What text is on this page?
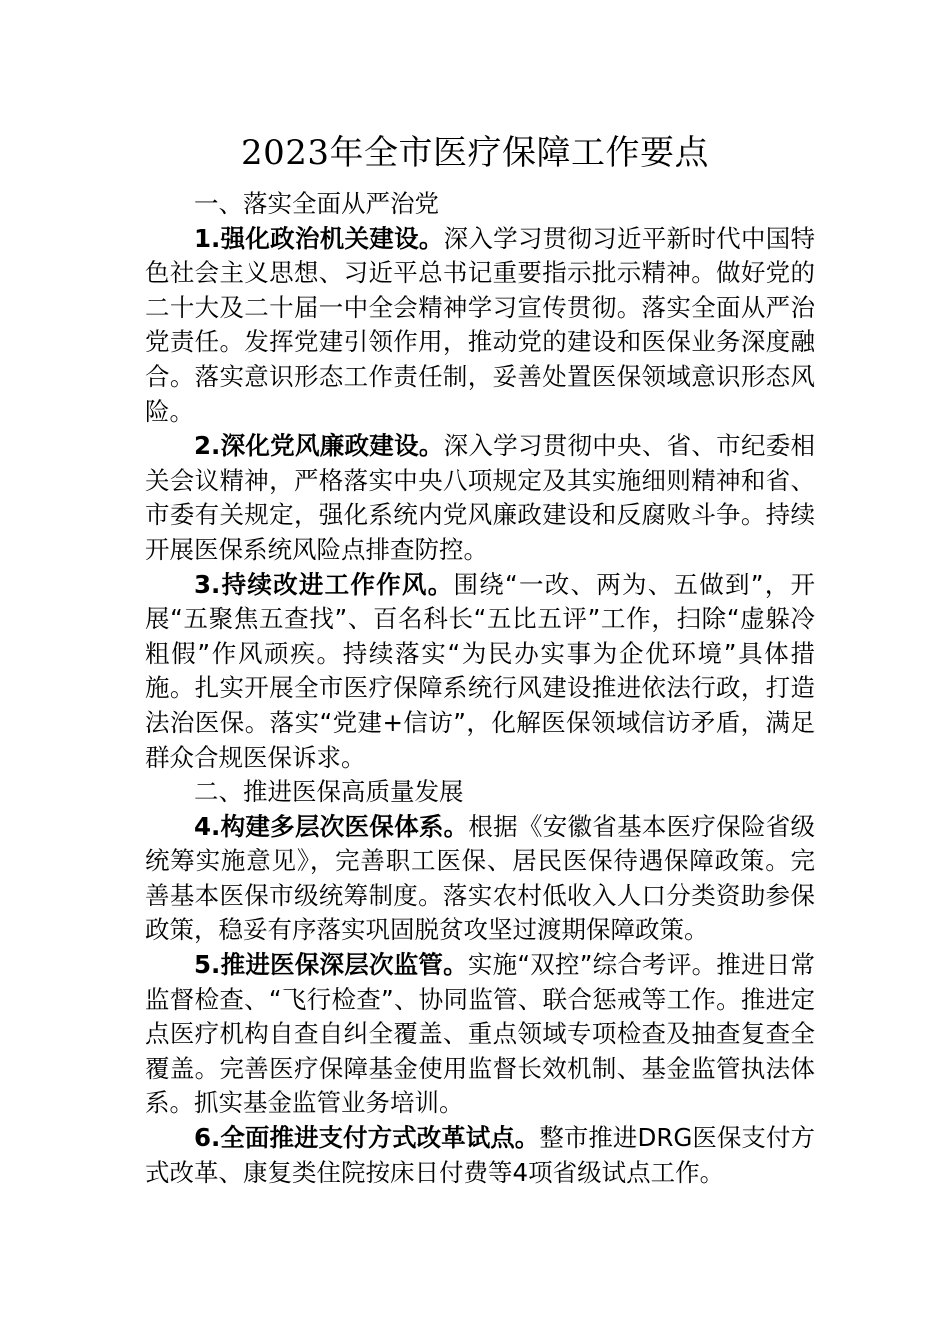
2023年全市医疗保障工作要点

一、落实全面从严治党

1.强化政治机关建设。深入学习贯彻习近平新时代中国特色社会主义思想、习近平总书记重要指示批示精神。做好党的二十大及二十届一中全会精神学习宣传贯彻。落实全面从严治党责任。发挥党建引领作用，推动党的建设和医保业务深度融合。落实意识形态工作责任制，妥善处置医保领域意识形态风险。

2.深化党风廉政建设。深入学习贯彻中央、省、市纪委相关会议精神，严格落实中央八项规定及其实施细则精神和省、市委有关规定，强化系统内党风廉政建设和反腐败斗争。持续开展医保系统风险点排查防控。

3.持续改进工作作风。围绕“一改、两为、五做到”，开展“五聚焦五查找”、百名科长“五比五评”工作，扫除“虚躲冷粗假”作风顽疾。持续落实“为民办实事为企优环境”具体措施。扎实开展全市医疗保障系统行风建设推进依法行政，打造法治医保。落实“党建+信访”，化解医保领域信访矛盾，满足群众合规医保诉求。

二、推进医保高质量发展

4.构建多层次医保体系。根据《安徽省基本医疗保险省级统筹实施意见》，完善职工医保、居民医保待遇保障政策。完善基本医保市级统筹制度。落实农村低收入人口分类资助参保政策，稳妥有序落实巩固脱贫攻坚过渡期保障政策。

5.推进医保深层次监管。实施“双控”综合考评。推进日常监督检查、“飞行检查”、协同监管、联合惩戒等工作。推进定点医疗机构自查自纠全覆盖、重点领域专项检查及抽查复查全覆盖。完善医疗保障基金使用监督长效机制、基金监管执法体系。抓实基金监管业务培训。

6.全面推进支付方式改革试点。整市推进DRG医保支付方式改革、康复类住院按床日付费等4项省级试点工作。
